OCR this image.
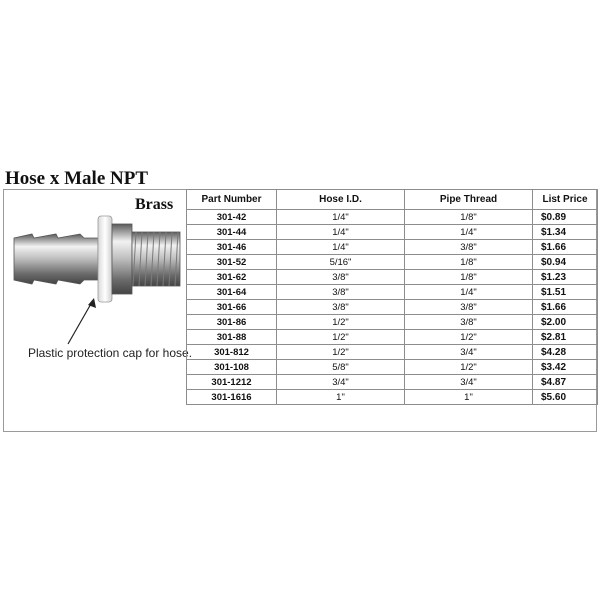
Hose x Male NPT
Brass
Plastic protection cap for hose.
Part Number	Hose I.D.	Pipe Thread	List Price
301-42	1/4"	1/8"	$0.89
301-44	1/4"	1/4"	$1.34
301-46	1/4"	3/8"	$1.66
301-52	5/16"	1/8"	$0.94
301-62	3/8"	1/8"	$1.23
301-64	3/8"	1/4"	$1.51
301-66	3/8"	3/8"	$1.66
301-86	1/2"	3/8"	$2.00
301-88	1/2"	1/2"	$2.81
301-812	1/2"	3/4"	$4.28
301-108	5/8"	1/2"	$3.42
301-1212	3/4"	3/4"	$4.87
301-1616	1"	1"	$5.60
